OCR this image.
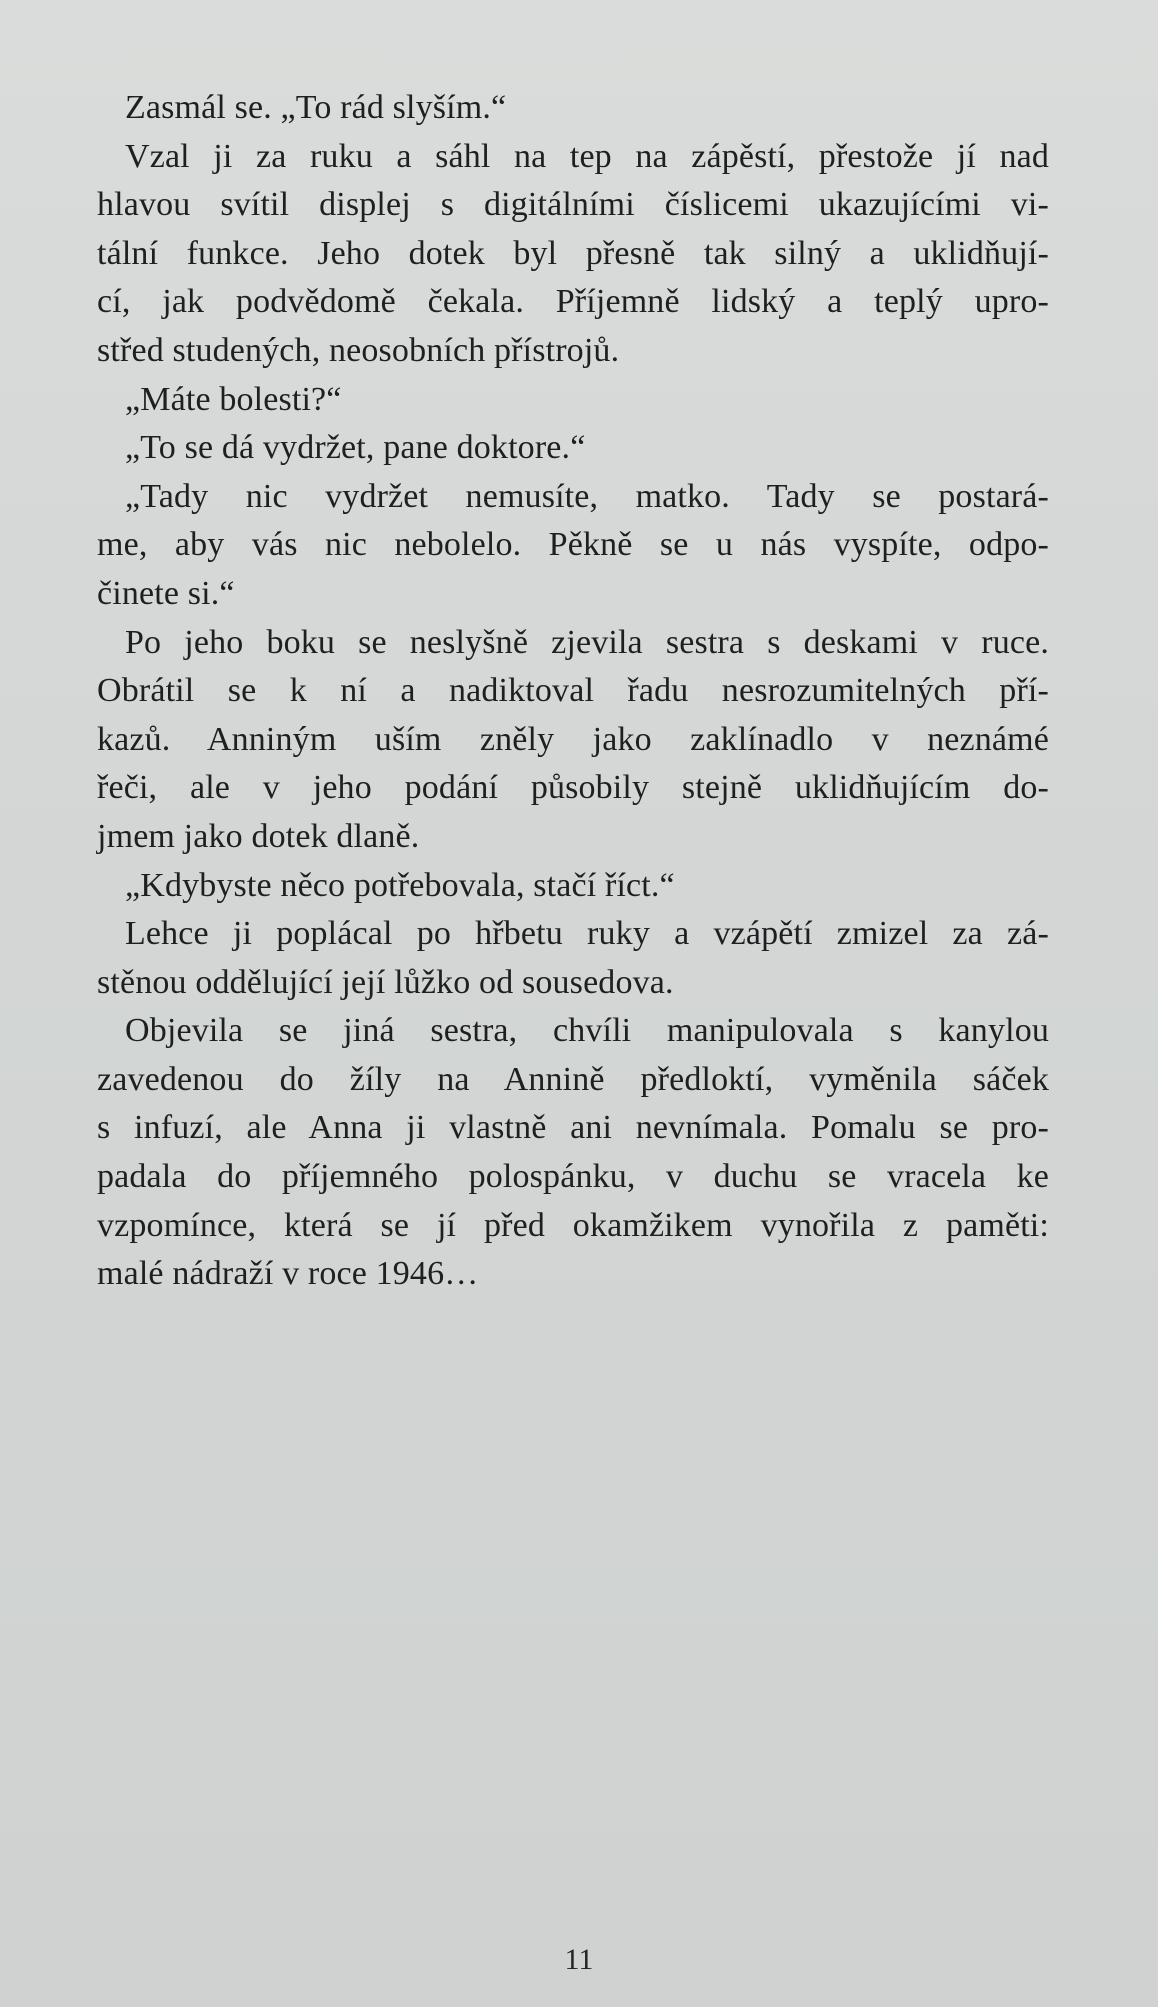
Zasmál se. „To rád slyším.“
Vzal ji za ruku a sáhl na tep na zápěstí, přestože jí nad
hlavou svítil displej s digitálními číslicemi ukazujícími vi-
tální funkce. Jeho dotek byl přesně tak silný a uklidňují-
cí, jak podvědomě čekala. Příjemně lidský a teplý upro-
střed studených, neosobních přístrojů.
„Máte bolesti?“
„To se dá vydržet, pane doktore.“
„Tady nic vydržet nemusíte, matko. Tady se postará-
me, aby vás nic nebolelo. Pěkně se u nás vyspíte, odpo-
činete si.“
Po jeho boku se neslyšně zjevila sestra s deskami v ruce.
Obrátil se k ní a nadiktoval řadu nesrozumitelných pří-
kazů. Anniným uším zněly jako zaklínadlo v neznámé
řeči, ale v jeho podání působily stejně uklidňujícím do-
jmem jako dotek dlaně.
„Kdybyste něco potřebovala, stačí říct.“
Lehce ji poplácal po hřbetu ruky a vzápětí zmizel za zá-
stěnou oddělující její lůžko od sousedova.
Objevila se jiná sestra, chvíli manipulovala s kanylou
zavedenou do žíly na Annině předloktí, vyměnila sáček
s infuzí, ale Anna ji vlastně ani nevnímala. Pomalu se pro-
padala do příjemného polospánku, v duchu se vracela ke
vzpomínce, která se jí před okamžikem vynořila z paměti:
malé nádraží v roce 1946…
11
